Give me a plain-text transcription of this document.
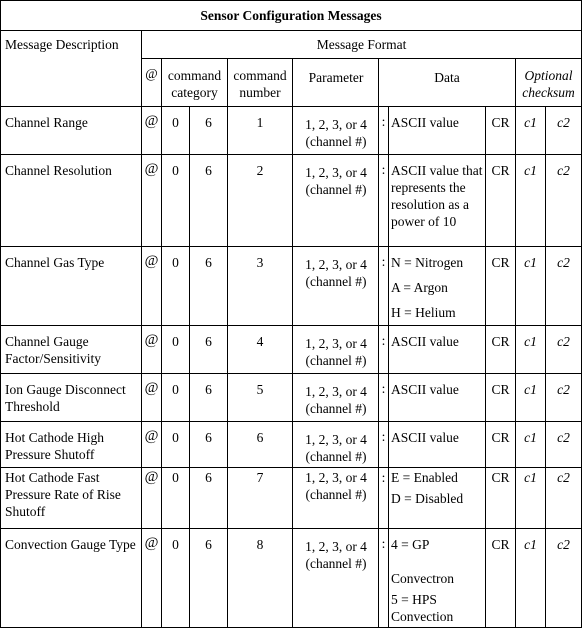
Sensor Configuration Messages										
Message Description	Message Format									
	@	command category		command number	Parameter	Data			Optional checksum	
Channel Range	@	0	6	1	1, 2, 3, or 4 (channel #)	:	ASCII value	CR	c1	c2
Channel Resolution	@	0	6	2	1, 2, 3, or 4 (channel #)	:	ASCII value that represents the resolution as a power of 10	CR	c1	c2
Channel Gas Type	@	0	6	3	1, 2, 3, or 4 (channel #)	:	N = Nitrogen
A = Argon
H = Helium	CR	c1	c2
Channel Gauge Factor/Sensitivity	@	0	6	4	1, 2, 3, or 4 (channel #)	:	ASCII value	CR	c1	c2
Ion Gauge Disconnect Threshold	@	0	6	5	1, 2, 3, or 4 (channel #)	:	ASCII value	CR	c1	c2
Hot Cathode High Pressure Shutoff	@	0	6	6	1, 2, 3, or 4 (channel #)	:	ASCII value	CR	c1	c2
Hot Cathode Fast Pressure Rate of Rise Shutoff	@	0	6	7	1, 2, 3, or 4 (channel #)	:	E = Enabled
D = Disabled	CR	c1	c2
Convection Gauge Type	@	0	6	8	1, 2, 3, or 4 (channel #)	:	4 = GP
Convectron
5 = HPS Convection	CR	c1	c2
